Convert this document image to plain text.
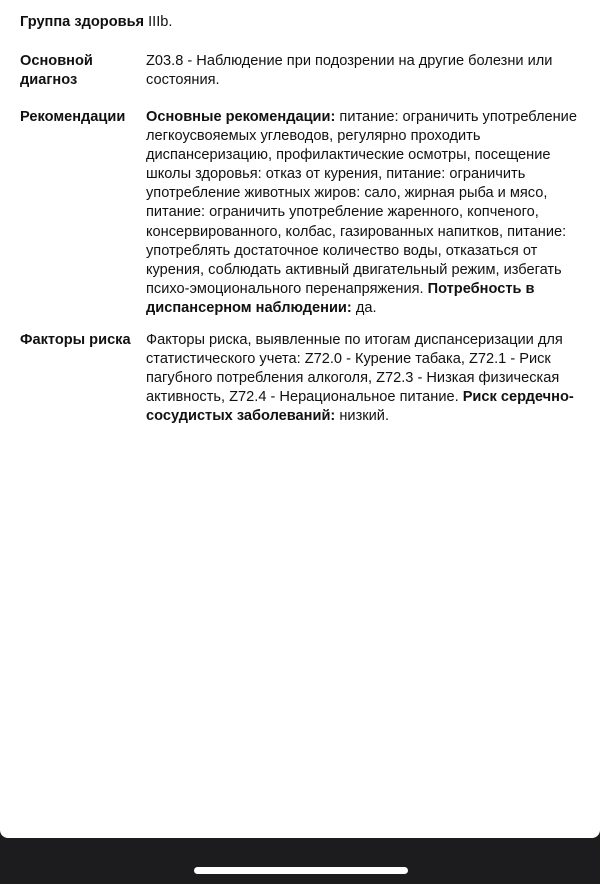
Группа здоровья IIIb.
Основной
диагноз
Z03.8 - Наблюдение при подозрении на другие болезни или
состояния.
Рекомендации	Основные рекомендации: питание: ограничить употребление
легкоусвояемых углеводов, регулярно проходить
диспансеризацию, профилактические осмотры, посещение
школы здоровья: отказ от курения, питание: ограничить
употребление животных жиров: сало, жирная рыба и мясо,
питание: ограничить употребление жаренного, копченого,
консервированного, колбас, газированных напитков, питание:
употреблять достаточное количество воды, отказаться от
курения, соблюдать активный двигательный режим, избегать
психо-эмоционального перенапряжения. Потребность в
диспансерном наблюдении: да.
Факторы риска	Факторы риска, выявленные по итогам диспансеризации для
статистического учета: Z72.0 - Курение табака, Z72.1 - Риск
пагубного потребления алкоголя, Z72.3 - Низкая физическая
активность, Z72.4 - Нерациональное питание. Риск сердечно-
сосудистых заболеваний: низкий.
